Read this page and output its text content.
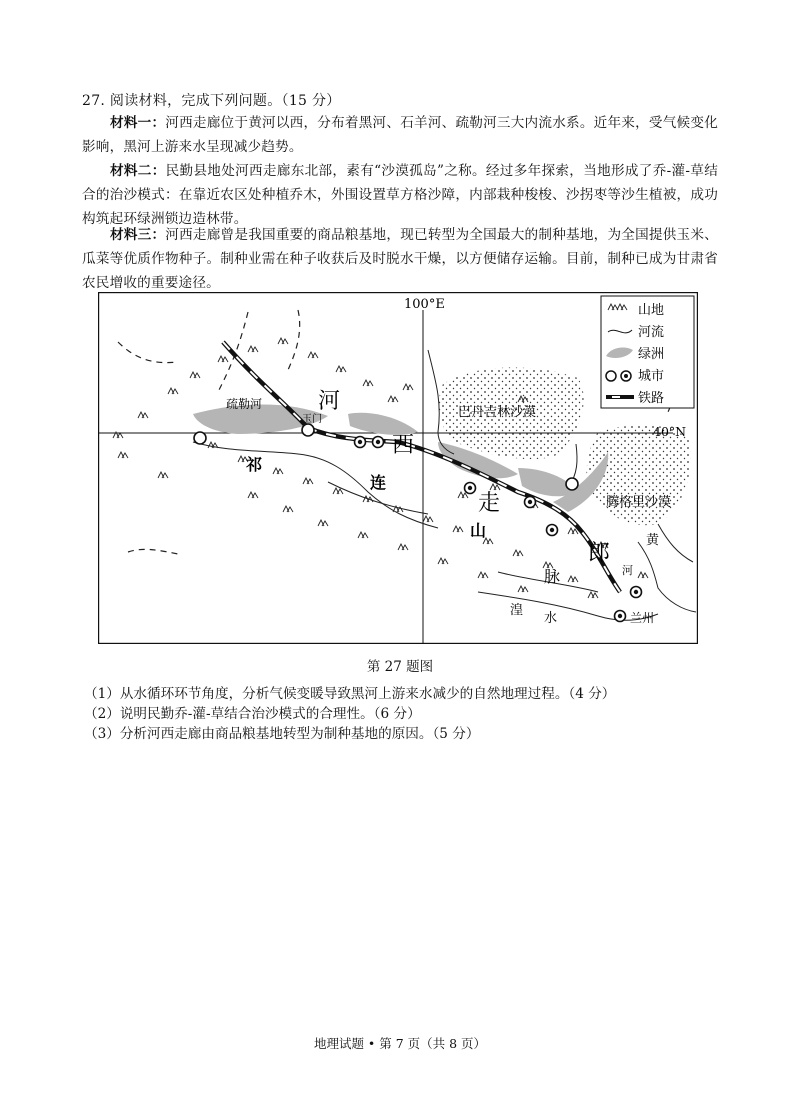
27. 阅读材料，完成下列问题。（15 分）
材料一：河西走廊位于黄河以西，分布着黑河、石羊河、疏勒河三大内流水系。近年来，受气候变化影响，黑河上游来水呈现减少趋势。
材料二：民勤县地处河西走廊东北部，素有“沙漠孤岛”之称。经过多年探索，当地形成了乔-灌-草结合的治沙模式：在靠近农区处种植乔木，外围设置草方格沙障，内部栽种梭梭、沙拐枣等沙生植被，成功构筑起环绿洲锁边造林带。
材料三：河西走廊曾是我国重要的商品粮基地，现已转型为全国最大的制种基地，为全国提供玉米、瓜菜等优质作物种子。制种业需在种子收获后及时脱水干燥，以方便储存运输。目前，制种已成为甘肃省农民增收的重要途径。
100°E
40°N
疏勒河
玉门
河
西
走
郎
祁
连
山
脉
巴丹吉林沙漠
腾格里沙漠
黄
河
湟
水	兰州
山地
河流
绿洲
城市
铁路
第 27 题图
（1）从水循环环节角度，分析气候变暖导致黑河上游来水减少的自然地理过程。（4 分）
（2）说明民勤乔-灌-草结合治沙模式的合理性。（6 分）
（3）分析河西走廊由商品粮基地转型为制种基地的原因。（5 分）
地理试题 • 第 7 页（共 8 页）
